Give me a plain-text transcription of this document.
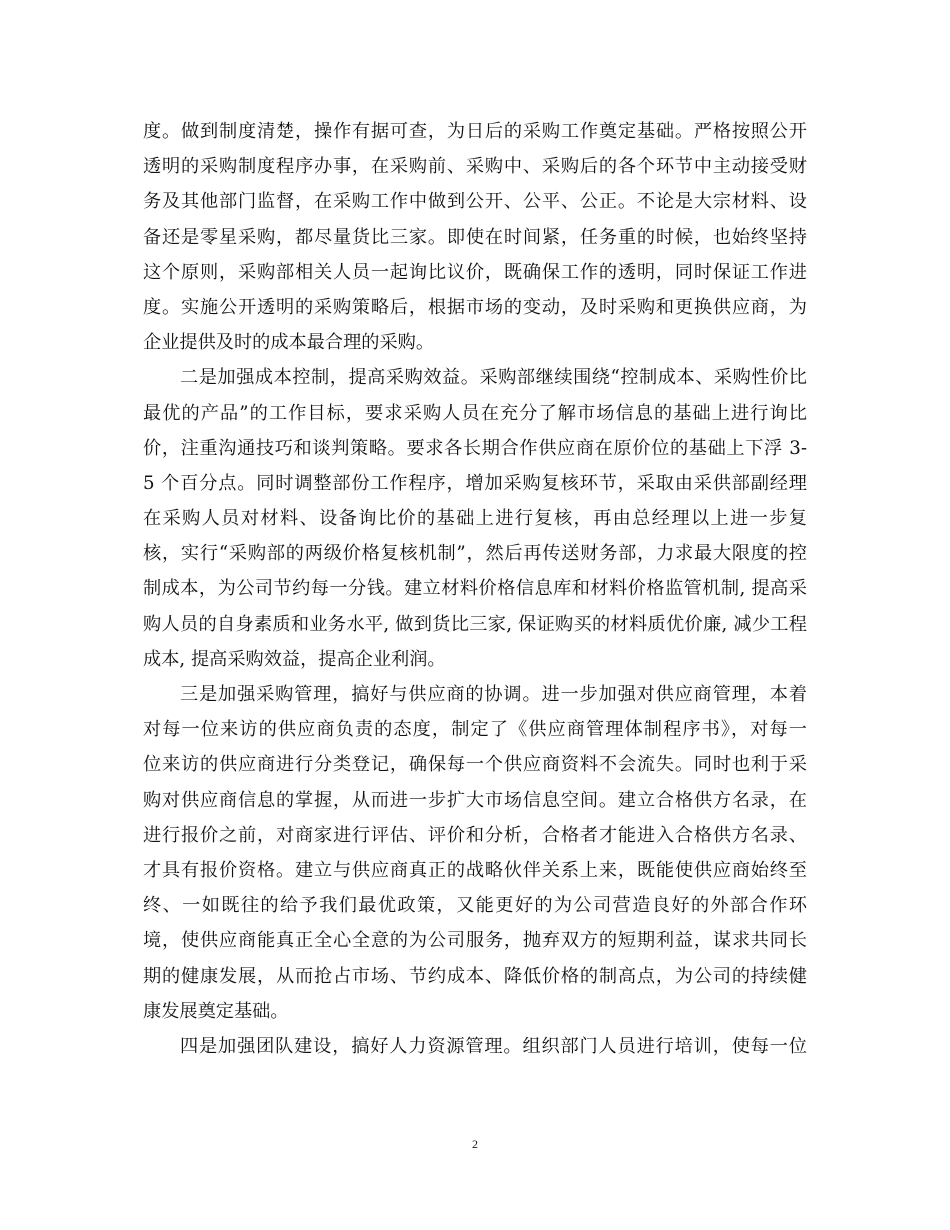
度。做到制度清楚，操作有据可查，为日后的采购工作奠定基础。严格按照公开
透明的采购制度程序办事，在采购前、采购中、采购后的各个环节中主动接受财
务及其他部门监督，在采购工作中做到公开、公平、公正。不论是大宗材料、设
备还是零星采购，都尽量货比三家。即使在时间紧，任务重的时候，也始终坚持
这个原则，采购部相关人员一起询比议价，既确保工作的透明，同时保证工作进
度。实施公开透明的采购策略后，根据市场的变动，及时采购和更换供应商，为
企业提供及时的成本最合理的采购。
二是加强成本控制，提高采购效益。采购部继续围绕“控制成本、采购性价比
最优的产品”的工作目标，要求采购人员在充分了解市场信息的基础上进行询比
价，注重沟通技巧和谈判策略。要求各长期合作供应商在原价位的基础上下浮 3-
5 个百分点。同时调整部份工作程序，增加采购复核环节，采取由采供部副经理
在采购人员对材料、设备询比价的基础上进行复核，再由总经理以上进一步复
核，实行“采购部的两级价格复核机制”，然后再传送财务部，力求最大限度的控
制成本，为公司节约每一分钱。建立材料价格信息库和材料价格监管机制, 提高采
购人员的自身素质和业务水平, 做到货比三家, 保证购买的材料质优价廉, 减少工程
成本, 提高采购效益，提高企业利润。
三是加强采购管理，搞好与供应商的协调。进一步加强对供应商管理，本着
对每一位来访的供应商负责的态度，制定了《供应商管理体制程序书》，对每一
位来访的供应商进行分类登记，确保每一个供应商资料不会流失。同时也利于采
购对供应商信息的掌握，从而进一步扩大市场信息空间。建立合格供方名录，在
进行报价之前，对商家进行评估、评价和分析，合格者才能进入合格供方名录、
才具有报价资格。建立与供应商真正的战略伙伴关系上来，既能使供应商始终至
终、一如既往的给予我们最优政策，又能更好的为公司营造良好的外部合作环
境，使供应商能真正全心全意的为公司服务，抛弃双方的短期利益，谋求共同长
期的健康发展，从而抢占市场、节约成本、降低价格的制高点，为公司的持续健
康发展奠定基础。
四是加强团队建设，搞好人力资源管理。组织部门人员进行培训，使每一位
2
